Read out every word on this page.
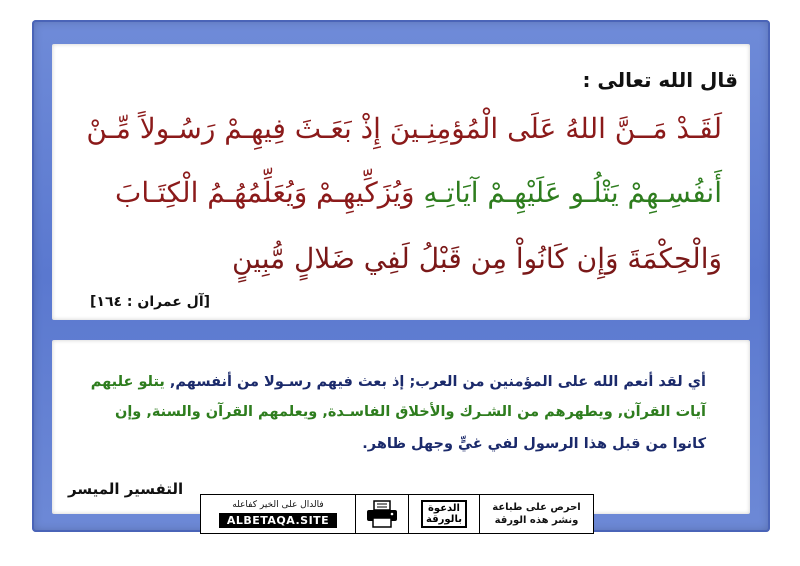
قال الله تعالى :
لَقَـدْ مَــنَّ اللهُ عَلَى الْمُؤمِنِـينَ إِذْ بَعَـثَ فِيهِـمْ رَسُـولاً مِّـنْ
أَنفُسِـهِمْ يَتْلُـو عَلَيْهِـمْ آيَاتِـهِ وَيُزَكِّيهِـمْ وَيُعَلِّمُهُـمُ الْكِتَـابَ
وَالْحِكْمَةَ وَإِن كَانُواْ مِن قَبْلُ لَفِي ضَلالٍ مُّبِينٍ
[آل عمران : ١٦٤]
أي لقد أنعم الله على المؤمنين من العرب; إذ بعث فيهم رسـولا من أنفسهم, يتلو عليهم
آيات القرآن, ويطهرهم من الشـرك والأخلاق الفاسـدة, ويعلمهم القرآن والسنة, وإن
كانوا من قبل هذا الرسول لفي غيٍّ وجهل ظاهر.
التفسير الميسر
فالدال على الخير كفاعله
ALBETAQA.SITE
الدعوة
بالورقة
احرص على طباعة
ونشر هذه الورقة
